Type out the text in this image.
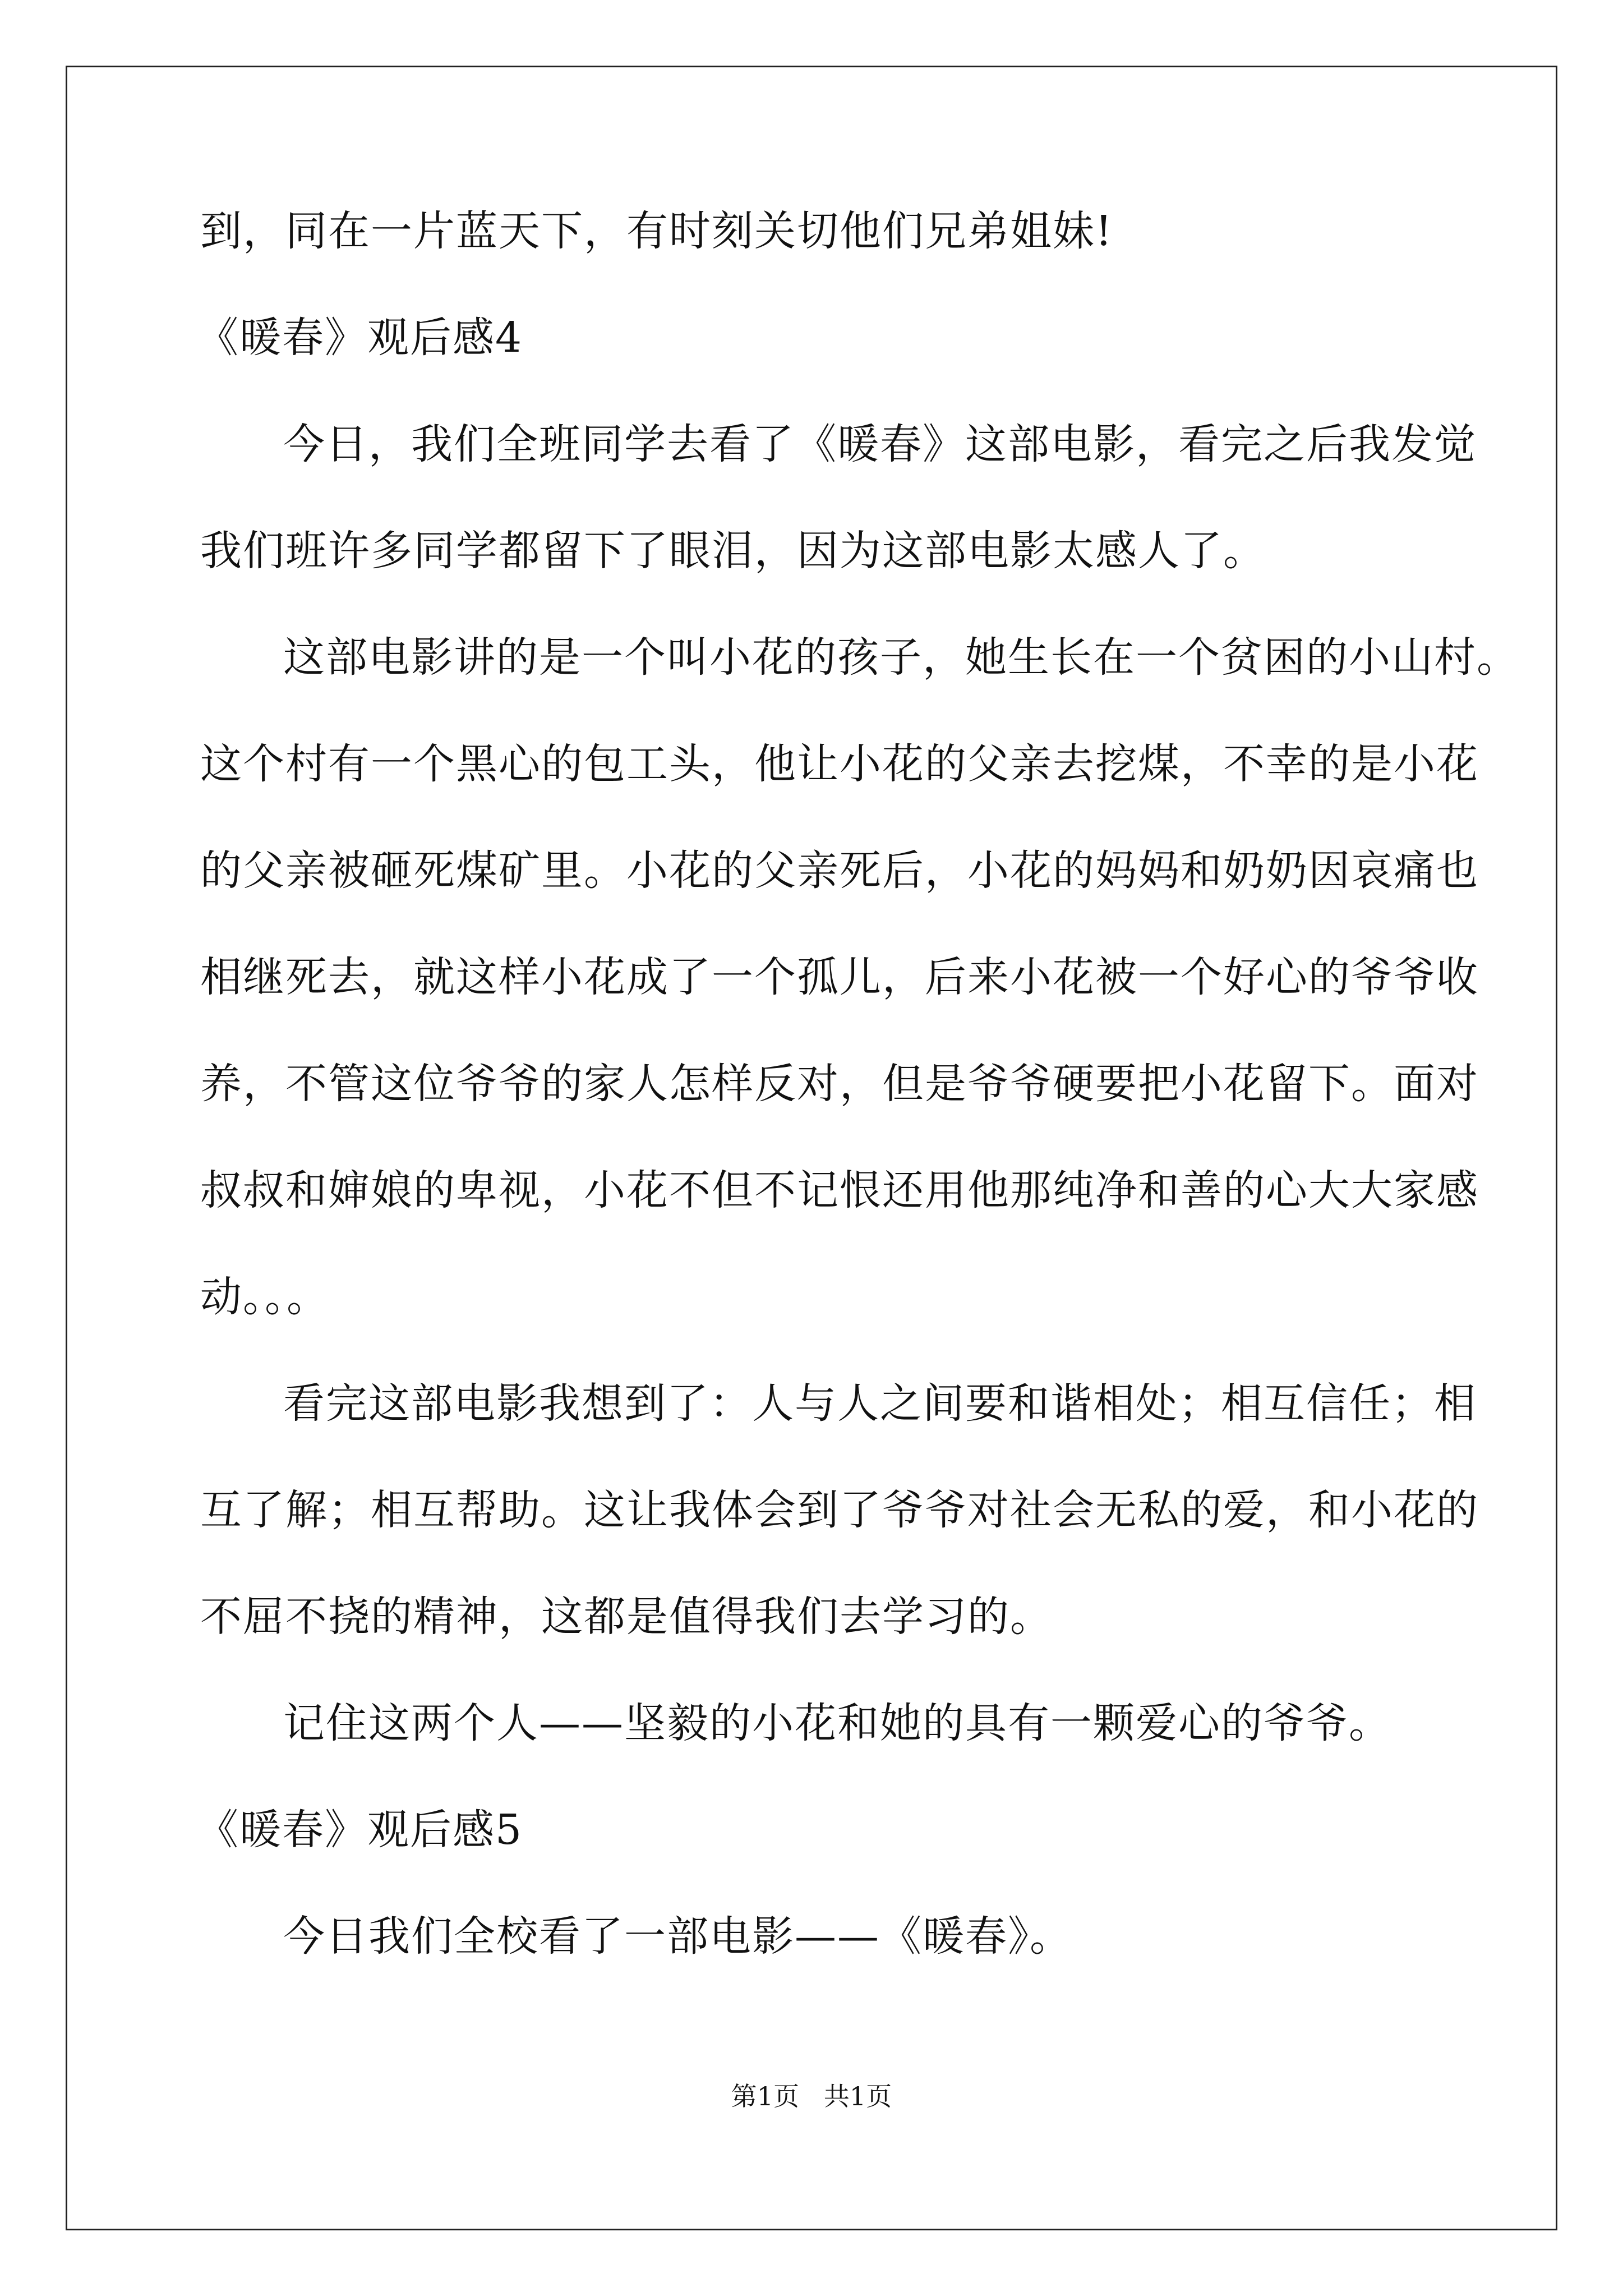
到，同在一片蓝天下，有时刻关切他们兄弟姐妹!

《暖春》观后感4

今日，我们全班同学去看了《暖春》这部电影，看完之后我发觉

我们班许多同学都留下了眼泪，因为这部电影太感人了。

这部电影讲的是一个叫小花的孩子，她生长在一个贫困的小山村。

这个村有一个黑心的包工头，他让小花的父亲去挖煤，不幸的是小花

的父亲被砸死煤矿里。小花的父亲死后，小花的妈妈和奶奶因哀痛也

相继死去，就这样小花成了一个孤儿，后来小花被一个好心的爷爷收

养，不管这位爷爷的家人怎样反对，但是爷爷硬要把小花留下。面对

叔叔和婶娘的卑视，小花不但不记恨还用他那纯净和善的心大大家感

动。。。

看完这部电影我想到了：人与人之间要和谐相处；相互信任；相

互了解；相互帮助。这让我体会到了爷爷对社会无私的爱，和小花的

不屈不挠的精神，这都是值得我们去学习的。

记住这两个人——坚毅的小花和她的具有一颗爱心的爷爷。

《暖春》观后感5

今日我们全校看了一部电影——《暖春》。

第1页   共1页
